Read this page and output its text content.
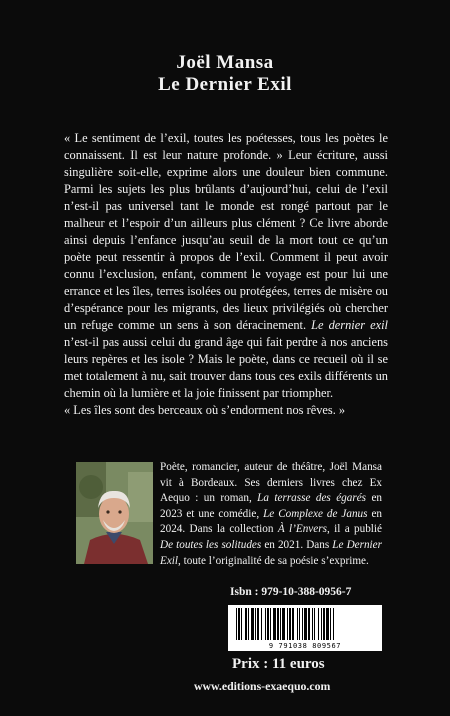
Joël Mansa
Le Dernier Exil

« Le sentiment de l’exil, toutes les poétesses, tous les poètes le connaissent. Il est leur nature profonde. » Leur écriture, aussi singulière soit-elle, exprime alors une douleur bien commune. Parmi les sujets les plus brûlants d’aujourd’hui, celui de l’exil n’est-il pas universel tant le monde est rongé partout par le malheur et l’espoir d’un ailleurs plus clément ? Ce livre aborde ainsi depuis l’enfance jusqu’au seuil de la mort tout ce qu’un poète peut ressentir à propos de l’exil. Comment il peut avoir connu l’exclusion, enfant, comment le voyage est pour lui une errance et les îles, terres isolées ou protégées, terres de misère ou d’espérance pour les migrants, des lieux privilégiés où chercher un refuge comme un sens à son déracinement. Le dernier exil n’est-il pas aussi celui du grand âge qui fait perdre à nos anciens leurs repères et les isole ? Mais le poète, dans ce recueil où il se met totalement à nu, sait trouver dans tous ces exils différents un chemin où la lumière et la joie finissent par triompher.

« Les îles sont des berceaux où s’endorment nos rêves. »

Poète, romancier, auteur de théâtre, Joël Mansa vit à Bordeaux. Ses derniers livres chez Ex Aequo : un roman, La terrasse des égarés en 2023 et une comédie, Le Complexe de Janus en 2024. Dans la collection À l’Envers, il a publié De toutes les solitudes en 2021. Dans Le Dernier Exil, toute l’originalité de sa poésie s’exprime.
Isbn : 979-10-388-0956-7
9 791038 809567
Prix : 11 euros
www.editions-exaequo.com
